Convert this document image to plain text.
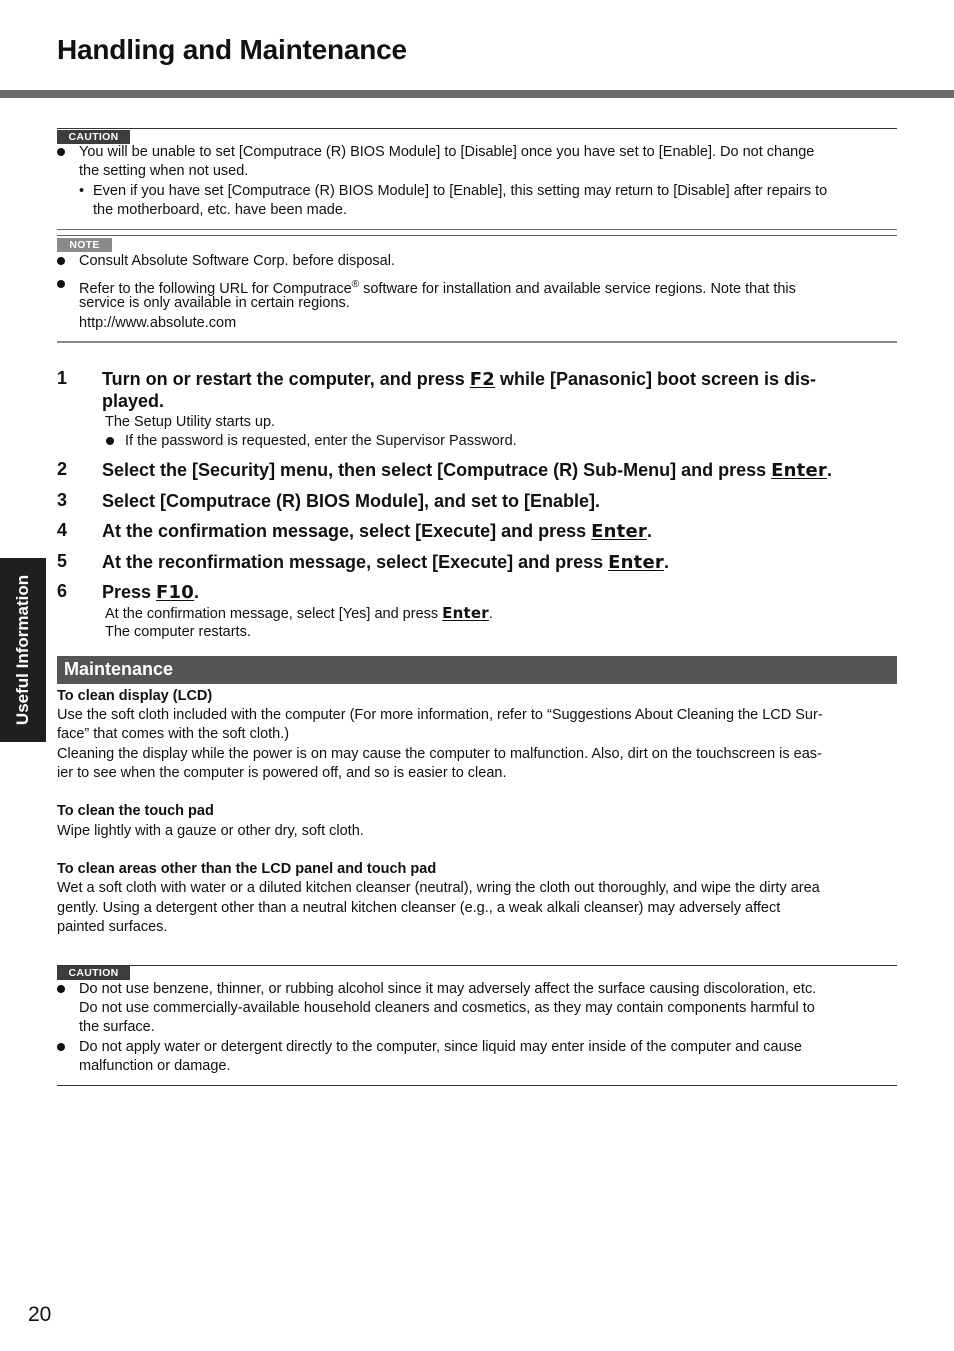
Handling and Maintenance
Useful Information
CAUTION
You will be unable to set [Computrace (R) BIOS Module] to [Disable] once you have set to [Enable]. Do not change
the setting when not used.
• Even if you have set [Computrace (R) BIOS Module] to [Enable], this setting may return to [Disable] after repairs to
the motherboard, etc. have been made.
NOTE
Consult Absolute Software Corp. before disposal.
Refer to the following URL for Computrace® software for installation and available service regions. Note that this
service is only available in certain regions.
http://www.absolute.com
1 Turn on or restart the computer, and press F2 while [Panasonic] boot screen is dis-
played.
The Setup Utility starts up.
If the password is requested, enter the Supervisor Password.
2 Select the [Security] menu, then select [Computrace (R) Sub-Menu] and press Enter.
3 Select [Computrace (R) BIOS Module], and set to [Enable].
4 At the confirmation message, select [Execute] and press Enter.
5 At the reconfirmation message, select [Execute] and press Enter.
6 Press F10.
At the confirmation message, select [Yes] and press Enter.
The computer restarts.
Maintenance
To clean display (LCD)
Use the soft cloth included with the computer (For more information, refer to “Suggestions About Cleaning the LCD Sur-
face” that comes with the soft cloth.)
Cleaning the display while the power is on may cause the computer to malfunction. Also, dirt on the touchscreen is eas-
ier to see when the computer is powered off, and so is easier to clean.
To clean the touch pad
Wipe lightly with a gauze or other dry, soft cloth.
To clean areas other than the LCD panel and touch pad
Wet a soft cloth with water or a diluted kitchen cleanser (neutral), wring the cloth out thoroughly, and wipe the dirty area
gently. Using a detergent other than a neutral kitchen cleanser (e.g., a weak alkali cleanser) may adversely affect
painted surfaces.
CAUTION
Do not use benzene, thinner, or rubbing alcohol since it may adversely affect the surface causing discoloration, etc.
Do not use commercially-available household cleaners and cosmetics, as they may contain components harmful to
the surface.
Do not apply water or detergent directly to the computer, since liquid may enter inside of the computer and cause
malfunction or damage.
20
